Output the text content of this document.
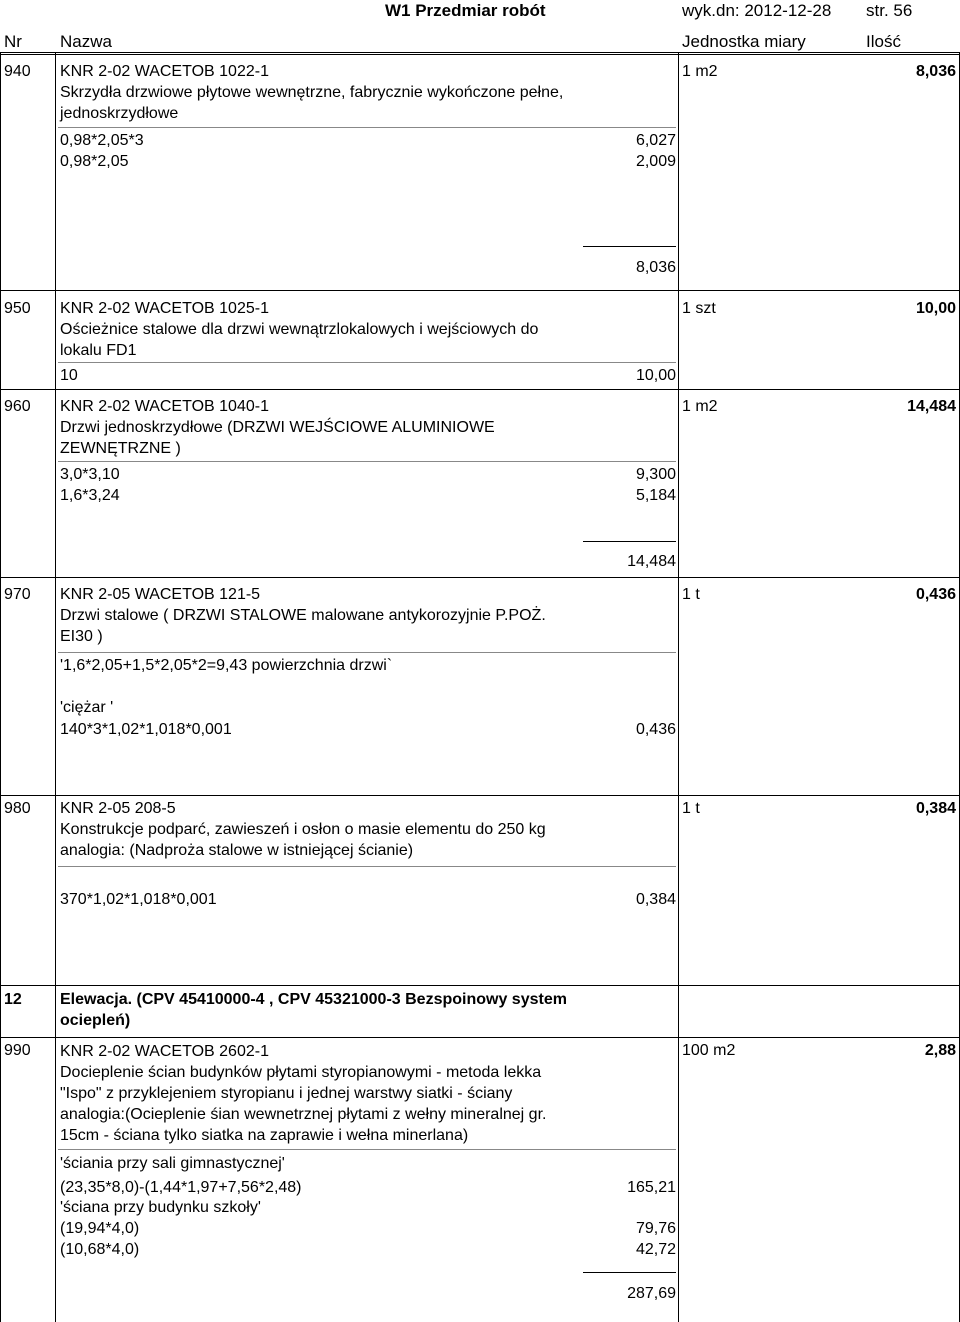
W1 Przedmiar robót	wyk.dn: 2012-12-28 str. 56
Nr Nazwa	Jednostka miary	Ilość
940 KNR 2-02 WACETOB 1022-1
Skrzydła drzwiowe płytowe wewnętrzne, fabrycznie wykończone pełne,
jednoskrzydłowe
1 m2	8,036
0,98*2,05*3	6,027
0,98*2,05	2,009
8,036
950 KNR 2-02 WACETOB 1025-1
Ościeżnice stalowe dla drzwi wewnątrzlokalowych i wejściowych do
lokalu FD1
1 szt	10,00
10	10,00
960 KNR 2-02 WACETOB 1040-1
Drzwi jednoskrzydłowe (DRZWI WEJŚCIOWE ALUMINIOWE
ZEWNĘTRZNE )
1 m2	14,484
3,0*3,10	9,300
1,6*3,24	5,184
14,484
970 KNR 2-05 WACETOB 121-5
Drzwi stalowe ( DRZWI STALOWE malowane antykorozyjnie P.POŻ.
EI30 )
1 t	0,436
'1,6*2,05+1,5*2,05*2=9,43 powierzchnia drzwi`
'ciężar '
140*3*1,02*1,018*0,001	0,436
980 KNR 2-05 208-5
Konstrukcje podparć, zawieszeń i osłon o masie elementu do 250 kg
analogia: (Nadproża stalowe w istniejącej ścianie)
1 t	0,384
370*1,02*1,018*0,001	0,384
12 Elewacja. (CPV 45410000-4 , CPV 45321000-3 Bezspoinowy system
ociepleń)
990 KNR 2-02 WACETOB 2602-1
Docieplenie ścian budynków płytami styropianowymi - metoda lekka
"Ispo" z przyklejeniem styropianu i jednej warstwy siatki - ściany
analogia:(Ocieplenie śian wewnetrznej płytami z wełny mineralnej gr.
15cm - ściana tylko siatka na zaprawie i wełna minerlana)
100 m2	2,88
'ściania przy sali gimnastycznej'
(23,35*8,0)-(1,44*1,97+7,56*2,48)	165,21
'ściana przy budynku szkoły'
(19,94*4,0)	79,76
(10,68*4,0)	42,72
287,69
